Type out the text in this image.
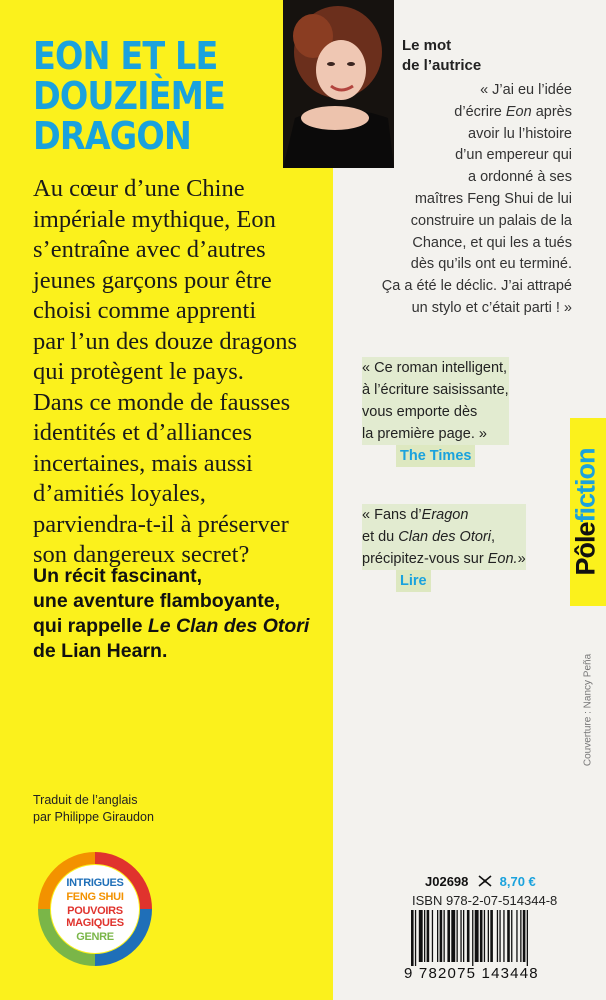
EON ET LE
DOUZIÈME
DRAGON
Au cœur d’une Chine
impériale mythique, Eon
s’entraîne avec d’autres
jeunes garçons pour être
choisi comme apprenti
par l’un des douze dragons
qui protègent le pays.
Dans ce monde de fausses
identités et d’alliances
incertaines, mais aussi
d’amitiés loyales,
parviendra-t-il à préserver
son dangereux secret?
Un récit fascinant,
une aventure flamboyante,
qui rappelle Le Clan des Otori
de Lian Hearn.
Traduit de l’anglais
par Philippe Giraudon
INTRIGUES
FENG SHUI
POUVOIRS
MAGIQUES
GENRE
Le mot
de l’autrice
« J’ai eu l’idée
d’écrire Eon après
avoir lu l’histoire
d’un empereur qui
a ordonné à ses
maîtres Feng Shui de lui
construire un palais de la
Chance, et qui les a tués
dès qu’ils ont eu terminé.
Ça a été le déclic. J’ai attrapé
un stylo et c’était parti ! »
« Ce roman intelligent,
à l’écriture saisissante,
vous emporte dès
la première page. »
The Times
« Fans d’Eragon
et du Clan des Otori,
précipitez-vous sur Eon.»
Lire
Pôlefiction
Couverture : Nancy Peña
J02698 8,70 €
ISBN 978-2-07-514344-8
9 782075 143448
